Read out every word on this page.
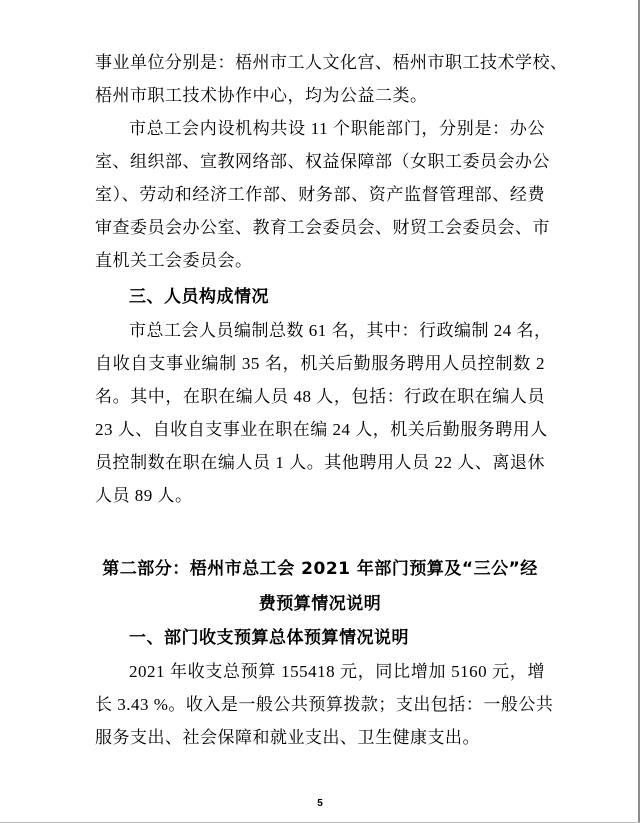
事业单位分别是：梧州市工人文化宫、梧州市职工技术学校、
梧州市职工技术协作中心，均为公益二类。
市总工会内设机构共设 11 个职能部门，分别是：办公
室、组织部、宣教网络部、权益保障部（女职工委员会办公
室）、劳动和经济工作部、财务部、资产监督管理部、经费
审查委员会办公室、教育工会委员会、财贸工会委员会、市
直机关工会委员会。
三、人员构成情况
市总工会人员编制总数 61 名，其中：行政编制 24 名，
自收自支事业编制 35 名，机关后勤服务聘用人员控制数 2
名。其中，在职在编人员 48 人，包括：行政在职在编人员
23 人、自收自支事业在职在编 24 人，机关后勤服务聘用人
员控制数在职在编人员 1 人。其他聘用人员 22 人、离退休
人员 89 人。
第二部分：梧州市总工会 2021 年部门预算及“三公”经
费预算情况说明
一、部门收支预算总体预算情况说明
2021 年收支总预算 155418 元，同比增加 5160 元，增
长 3.43 %。收入是一般公共预算拨款；支出包括：一般公共
服务支出、社会保障和就业支出、卫生健康支出。
5
